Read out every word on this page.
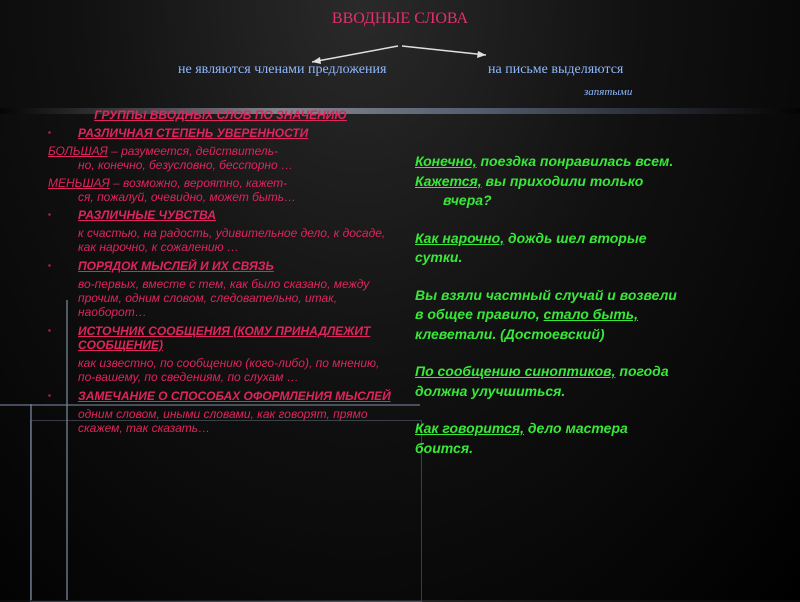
ВВОДНЫЕ СЛОВА
не являются членами предложения	на письме выделяются
запятыми
ГРУППЫ ВВОДНЫХ СЛОВ ПО ЗНАЧЕНИЮ
▪ РАЗЛИЧНАЯ СТЕПЕНЬ УВЕРЕННОСТИ
БОЛЬШАЯ – разумеется, действитель-
но, конечно, безусловно, бесспорно …
МЕНЬШАЯ – возможно, вероятно, кажет-
ся, пожалуй, очевидно, может быть…
▪ РАЗЛИЧНЫЕ ЧУВСТВА
к счастью, на радость, удивительное дело, к досаде, как нарочно, к сожалению …
▪ ПОРЯДОК МЫСЛЕЙ И ИХ СВЯЗЬ
во-первых, вместе с тем, как было сказано, между прочим, одним словом, следовательно, итак, наоборот…
▪ ИСТОЧНИК СООБЩЕНИЯ (КОМУ ПРИНАДЛЕЖИТ СООБЩЕНИЕ)
как известно, по сообщению (кого-либо), по мнению, по-вашему, по сведениям, по слухам …
▪ ЗАМЕЧАНИЕ О СПОСОБАХ ОФОРМЛЕНИЯ МЫСЛЕЙ
одним словом, иными словами, как говорят, прямо скажем, так сказать…
Конечно, поездка понравилась всем.
Кажется, вы приходили только
вчера?
Как нарочно, дождь шел вторые
сутки.
Вы взяли частный случай и возвели
в общее правило, стало быть,
клеветали. (Достоевский)
По сообщению синоптиков, погода
должна улучшиться.
Как говорится, дело мастера
боится.
